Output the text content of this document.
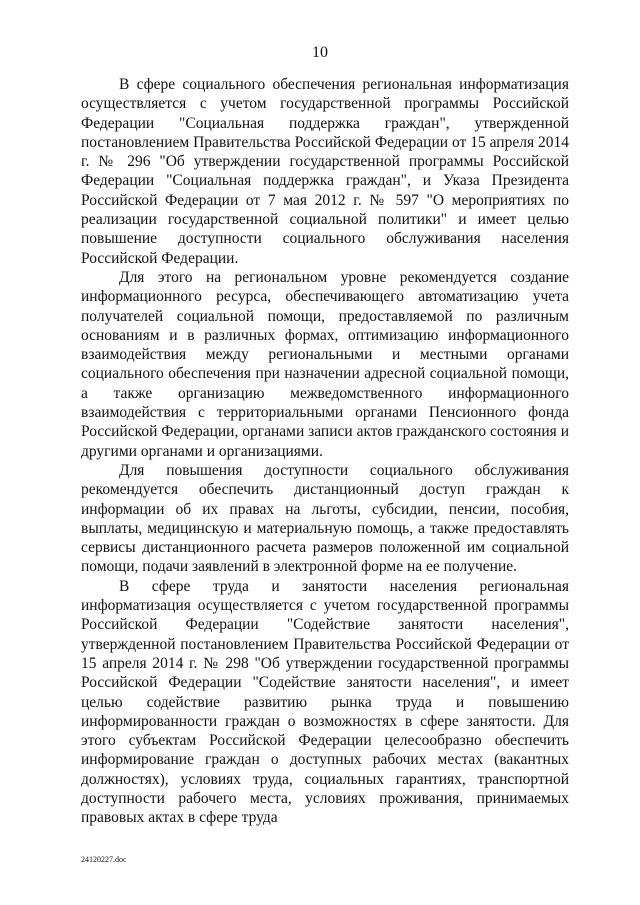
10

В сфере социального обеспечения региональная информатизация осуществляется с учетом государственной программы Российской Федерации "Социальная поддержка граждан", утвержденной постановлением Правительства Российской Федерации от 15 апреля 2014 г. № 296 "Об утверждении государственной программы Российской Федерации "Социальная поддержка граждан", и Указа Президента Российской Федерации от 7 мая 2012 г. № 597 "О мероприятиях по реализации государственной социальной политики" и имеет целью повышение доступности социального обслуживания населения Российской Федерации.

Для этого на региональном уровне рекомендуется создание информационного ресурса, обеспечивающего автоматизацию учета получателей социальной помощи, предоставляемой по различным основаниям и в различных формах, оптимизацию информационного взаимодействия между региональными и местными органами социального обеспечения при назначении адресной социальной помощи, а также организацию межведомственного информационного взаимодействия с территориальными органами Пенсионного фонда Российской Федерации, органами записи актов гражданского состояния и другими органами и организациями.

Для повышения доступности социального обслуживания рекомендуется обеспечить дистанционный доступ граждан к информации об их правах на льготы, субсидии, пенсии, пособия, выплаты, медицинскую и материальную помощь, а также предоставлять сервисы дистанционного расчета размеров положенной им социальной помощи, подачи заявлений в электронной форме на ее получение.

В сфере труда и занятости населения региональная информатизация осуществляется с учетом государственной программы Российской Федерации "Содействие занятости населения", утвержденной постановлением Правительства Российской Федерации от 15 апреля 2014 г. № 298 "Об утверждении государственной программы Российской Федерации "Содействие занятости населения", и имеет целью содействие развитию рынка труда и повышению информированности граждан о возможностях в сфере занятости. Для этого субъектам Российской Федерации целесообразно обеспечить информирование граждан о доступных рабочих местах (вакантных должностях), условиях труда, социальных гарантиях, транспортной доступности рабочего места, условиях проживания, принимаемых правовых актах в сфере труда

24120227.doc
